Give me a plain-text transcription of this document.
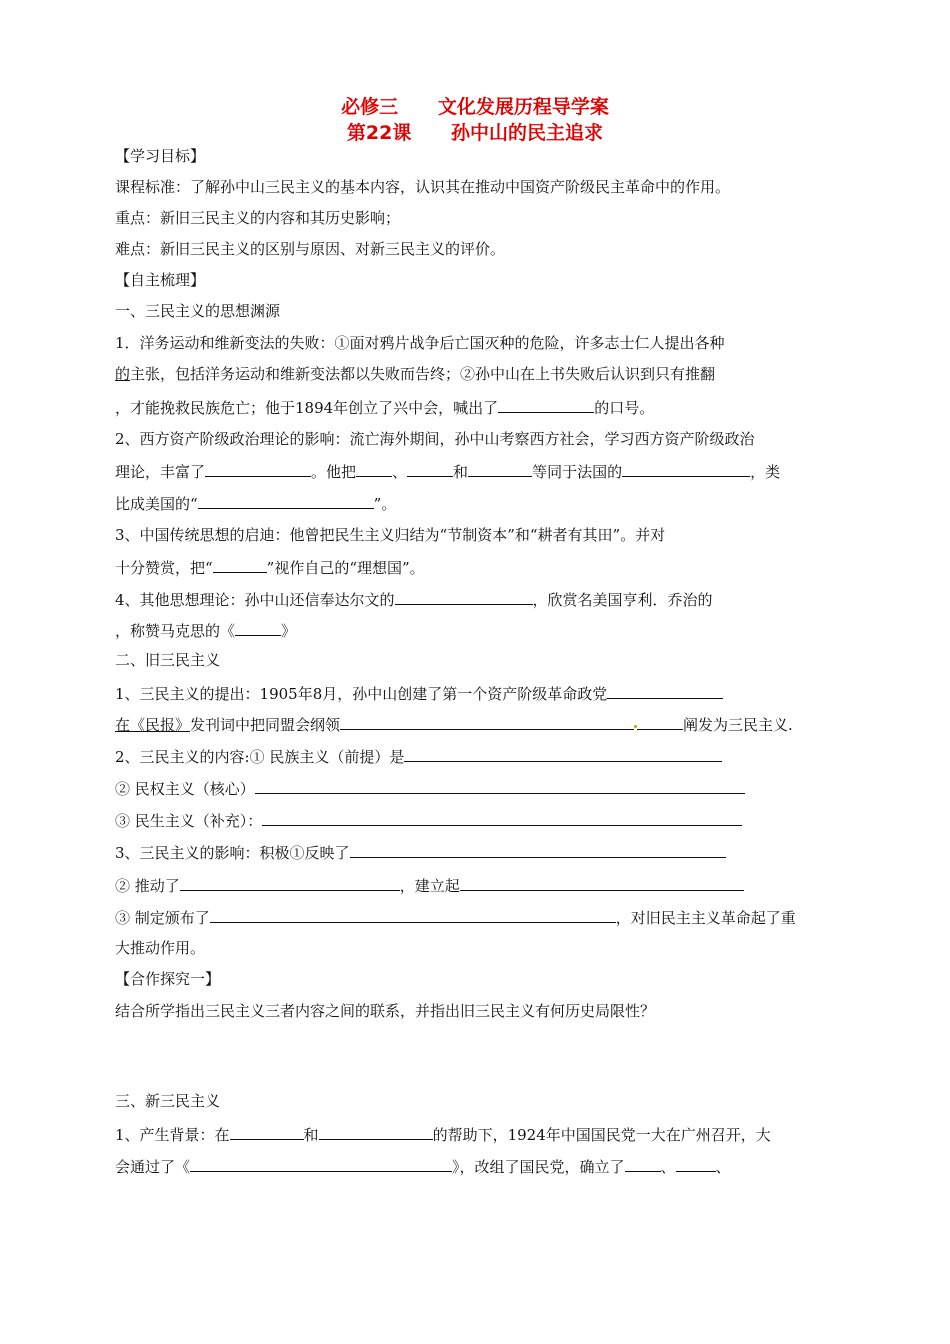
必修三      文化发展历程导学案
第22课      孙中山的民主追求
【学习目标】
课程标准：了解孙中山三民主义的基本内容，认识其在推动中国资产阶级民主革命中的作用。
重点：新旧三民主义的内容和其历史影响；
难点：新旧三民主义的区别与原因、对新三民主义的评价。
【自主梳理】
一、三民主义的思想渊源
1．洋务运动和维新变法的失败：①面对鸦片战争后亡国灭种的危险，许多志士仁人提出各种
的主张，包括洋务运动和维新变法都以失败而告终；②孙中山在上书失败后认识到只有推翻
，才能挽救民族危亡；他于1894年创立了兴中会，喊出了	的口号。
2、西方资产阶级政治理论的影响：流亡海外期间，孙中山考察西方社会，学习西方资产阶级政治
理论，丰富了	。他把 、	和	等同于法国的	，类
比成美国的“	”。
3、中国传统思想的启迪：他曾把民生主义归结为“节制资本”和“耕者有其田”。并对
十分赞赏，把“	”视作自己的“理想国”。
4、其他思想理论：孙中山还信奉达尔文的	，欣赏名美国亨利．乔治的
，称赞马克思的《	》
二、旧三民主义
1、三民主义的提出：1905年8月，孙中山创建了第一个资产阶级革命政党
在《民报》发刊词中把同盟会纲领	阐发为三民主义.
2、三民主义的内容:① 民族主义（前提）是
② 民权主义（核心）
③ 民生主义（补充）：
3、三民主义的影响：积极①反映了
② 推动了	，建立起
③ 制定颁布了	，对旧民主主义革命起了重
大推动作用。
【合作探究一】
结合所学指出三民主义三者内容之间的联系，并指出旧三民主义有何历史局限性？
三、新三民主义
1、产生背景：在	和	的帮助下，1924年中国国民党一大在广州召开，大
会通过了《	》，改组了国民党，确立了 、	、
